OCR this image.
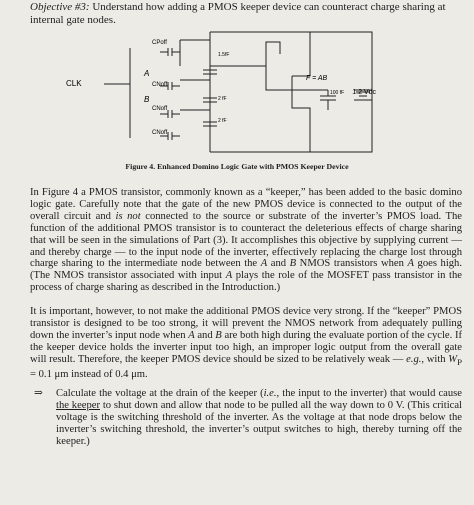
Objective #3: Understand how adding a PMOS keeper device can counteract charge sharing at internal gate nodes.
CPoff
1.5fF
A
CNoff
CLK
2 fF
B
CNoff
2 fF
CNoff
F = AB
100 fF 1.2 Vdc
Figure 4. Enhanced Domino Logic Gate with PMOS Keeper Device
In Figure 4 a PMOS transistor, commonly known as a “keeper,” has been added to the basic domino logic gate. Carefully note that the gate of the new PMOS device is connected to the output of the overall circuit and is not connected to the source or substrate of the inverter’s PMOS load. The function of the additional PMOS transistor is to counteract the deleterious effects of charge sharing that will be seen in the simulations of Part (3). It accomplishes this objective by supplying current — and thereby charge — to the input node of the inverter, effectively replacing the charge lost through charge sharing to the intermediate node between the A and B NMOS transistors when A goes high. (The NMOS transistor associated with input A plays the role of the MOSFET pass transistor in the process of charge sharing as described in the Introduction.)
It is important, however, to not make the additional PMOS device very strong. If the “keeper” PMOS transistor is designed to be too strong, it will prevent the NMOS network from adequately pulling down the inverter’s input node when A and B are both high during the evaluate portion of the cycle. If the keeper device holds the inverter input too high, an improper logic output from the overall gate will result. Therefore, the keeper PMOS device should be sized to be relatively weak — e.g., with $W_P = 0.1$ μm instead of 0.4 μm.
⇒ Calculate the voltage at the drain of the keeper (i.e., the input to the inverter) that would cause the keeper to shut down and allow that node to be pulled all the way down to 0 V. (This critical voltage is the switching threshold of the inverter. As the voltage at that node drops below the inverter’s switching threshold, the inverter’s output switches to high, thereby turning off the keeper.)
